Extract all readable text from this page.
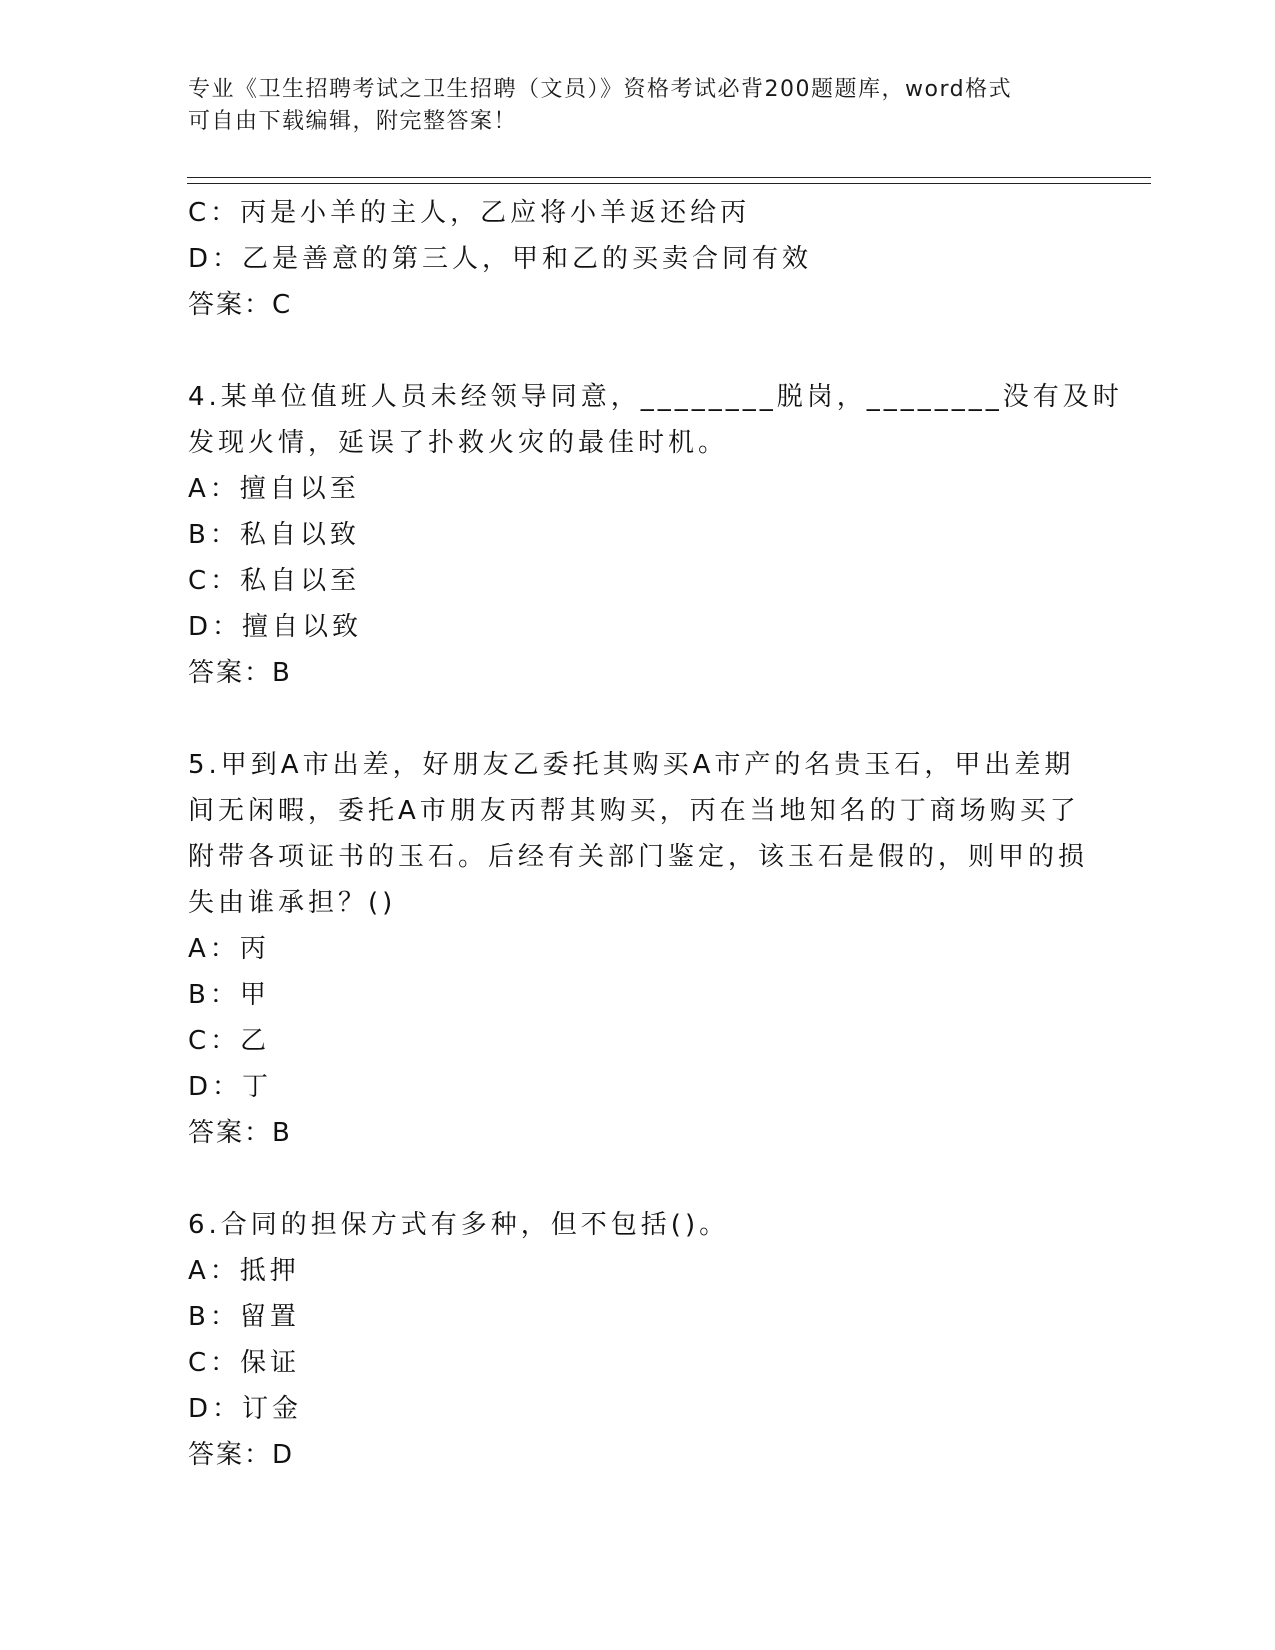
专业《卫生招聘考试之卫生招聘（文员）》资格考试必背200题题库，word格式
可自由下载编辑，附完整答案！
C：丙是小羊的主人，乙应将小羊返还给丙
D：乙是善意的第三人，甲和乙的买卖合同有效
答案：C
4.某单位值班人员未经领导同意，________脱岗，________没有及时
发现火情，延误了扑救火灾的最佳时机。
A：擅自以至
B：私自以致
C：私自以至
D：擅自以致
答案：B
5.甲到A市出差，好朋友乙委托其购买A市产的名贵玉石，甲出差期
间无闲暇，委托A市朋友丙帮其购买，丙在当地知名的丁商场购买了
附带各项证书的玉石。后经有关部门鉴定，该玉石是假的，则甲的损
失由谁承担？()
A：丙
B：甲
C：乙
D：丁
答案：B
6.合同的担保方式有多种，但不包括()。
A：抵押
B：留置
C：保证
D：订金
答案：D
